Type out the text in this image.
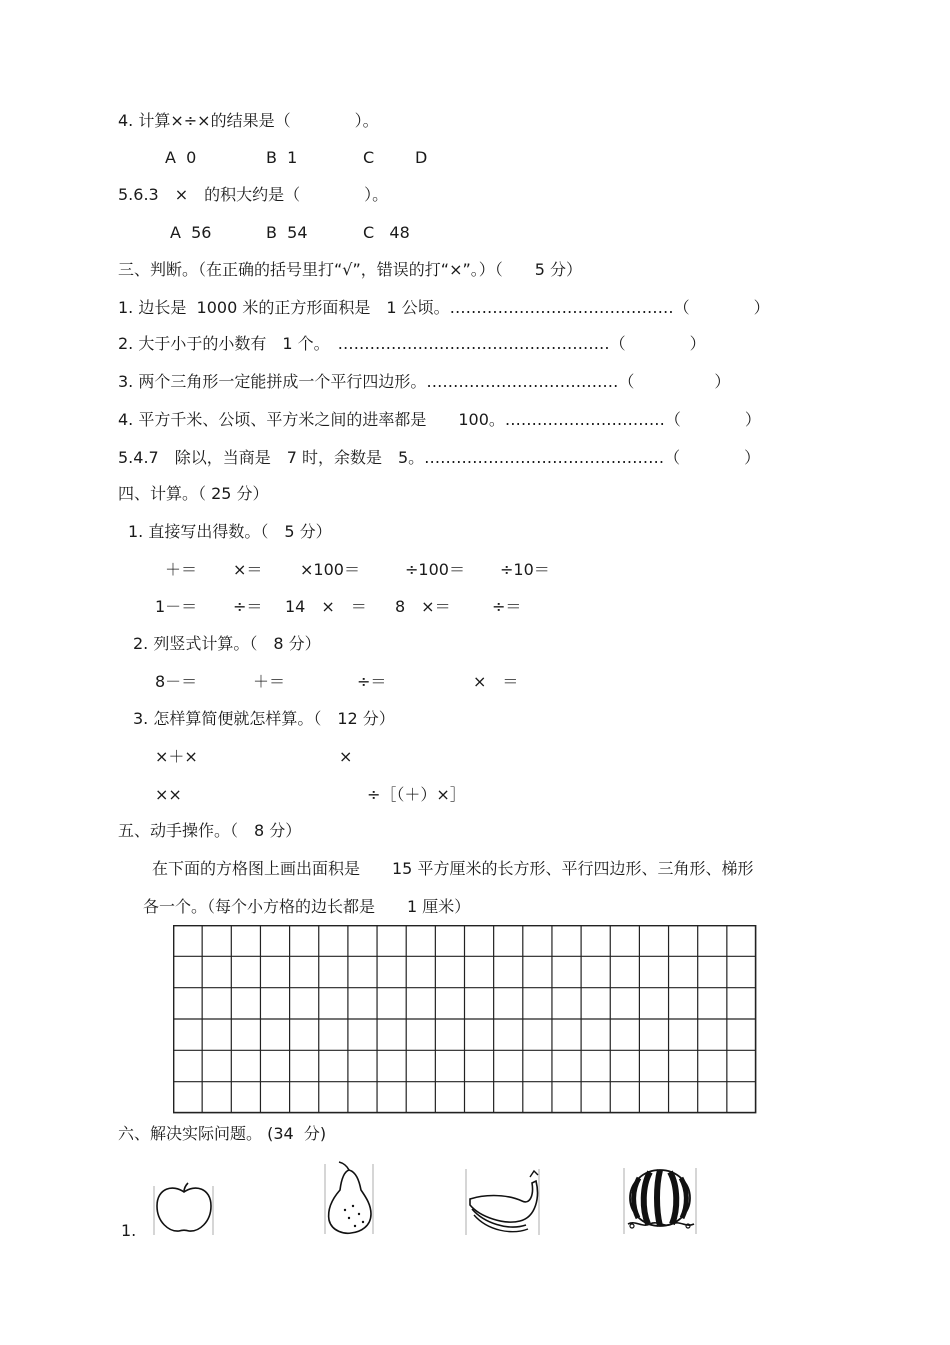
4. 计算×÷×的结果是（　　　　）。
A  0	B  1	C	D
5.6.3　×　的积大约是（　　　　）。
A  56	B  54	C   48
三、判断。（在正确的括号里打“√”，错误的打“×”。）（　　5 分）
1. 边长是  1000 米的正方形面积是　1 公顷。……………………………………（　　　　）
2. 大于小于的小数有　1 个。　……………………………………………（　　　　）
3. 两个三角形一定能拼成一个平行四边形。………………………………（　　　　　）
4. 平方千米、公顷、平方米之间的进率都是　　100。…………………………（　　　　）
5.4.7　除以，当商是　7 时，余数是　5。………………………………………（　　　　）
四、计算。（ 25 分）
1. 直接写出得数。（　5 分）
＋＝ ×＝ ×100＝	÷100＝ ÷10＝
1－＝ ÷＝ 14　×　＝ 8　×＝	÷＝
2. 列竖式计算。（　8 分）
8－＝	＋＝	÷＝	×　＝
3. 怎样算简便就怎样算。（　12 分）
×＋×	×
××	÷［（＋）×］
五、动手操作。（　8 分）
在下面的方格图上画出面积是　　15 平方厘米的长方形、平行四边形、三角形、梯形
各一个。（每个小方格的边长都是　　1 厘米）
六、解决实际问题。 (34  分)
1.
